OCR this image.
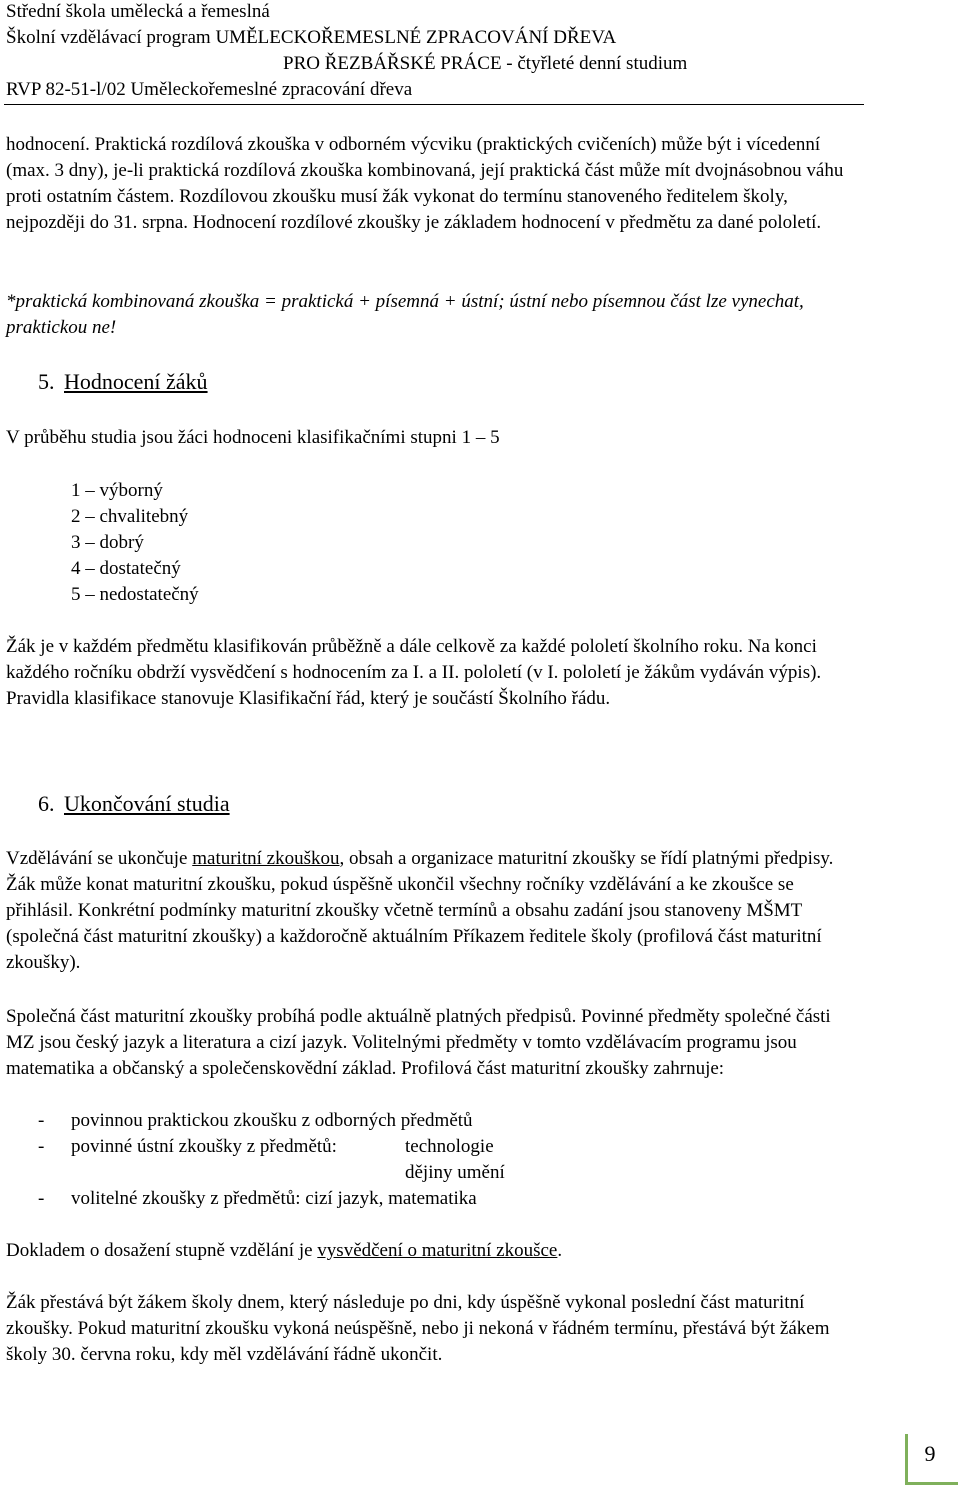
Střední škola umělecká a řemeslná
Školní vzdělávací program UMĚLECKOŘEMESLNÉ ZPRACOVÁNÍ DŘEVA
PRO ŘEZBÁŘSKÉ PRÁCE - čtyřleté denní studium
RVP 82-51-l/02 Uměleckořemeslné zpracování dřeva

hodnocení. Praktická rozdílová zkouška v odborném výcviku (praktických cvičeních) může být i vícedenní (max. 3 dny), je-li praktická rozdílová zkouška kombinovaná, její praktická část může mít dvojnásobnou váhu proti ostatním částem. Rozdílovou zkoušku musí žák vykonat do termínu stanoveného ředitelem školy, nejpozději do 31. srpna. Hodnocení rozdílové zkoušky je základem hodnocení v předmětu za dané pololetí.

*praktická kombinovaná zkouška = praktická + písemná + ústní; ústní nebo písemnou část lze vynechat, praktickou ne!

5. Hodnocení žáků
V průběhu studia jsou žáci hodnoceni klasifikačními stupni 1 – 5
1 – výborný
2 – chvalitebný
3 – dobrý
4 – dostatečný
5 – nedostatečný

Žák je v každém předmětu klasifikován průběžně a dále celkově za každé pololetí školního roku. Na konci každého ročníku obdrží vysvědčení s hodnocením za I. a II. pololetí (v I. pololetí je žákům vydáván výpis). Pravidla klasifikace stanovuje Klasifikační řád, který je součástí Školního řádu.

6. Ukončování studia

Vzdělávání se ukončuje maturitní zkouškou, obsah a organizace maturitní zkoušky se řídí platnými předpisy. Žák může konat maturitní zkoušku, pokud úspěšně ukončil všechny ročníky vzdělávání a ke zkoušce se přihlásil. Konkrétní podmínky maturitní zkoušky včetně termínů a obsahu zadání jsou stanoveny MŠMT (společná část maturitní zkoušky) a každoročně aktuálním Příkazem ředitele školy (profilová část maturitní zkoušky).

Společná část maturitní zkoušky probíhá podle aktuálně platných předpisů. Povinné předměty společné části MZ jsou český jazyk a literatura a cizí jazyk. Volitelnými předměty v tomto vzdělávacím programu jsou matematika a občanský a společenskovědní základ. Profilová část maturitní zkoušky zahrnuje:

- povinnou praktickou zkoušku z odborných předmětů
- povinné ústní zkoušky z předmětů:	technologie
dějiny umění
- volitelné zkoušky z předmětů: cizí jazyk, matematika

Dokladem o dosažení stupně vzdělání je vysvědčení o maturitní zkoušce.

Žák přestává být žákem školy dnem, který následuje po dni, kdy úspěšně vykonal poslední část maturitní zkoušky. Pokud maturitní zkoušku vykoná neúspěšně, nebo ji nekoná v řádném termínu, přestává být žákem školy 30. června roku, kdy měl vzdělávání řádně ukončit.

9
